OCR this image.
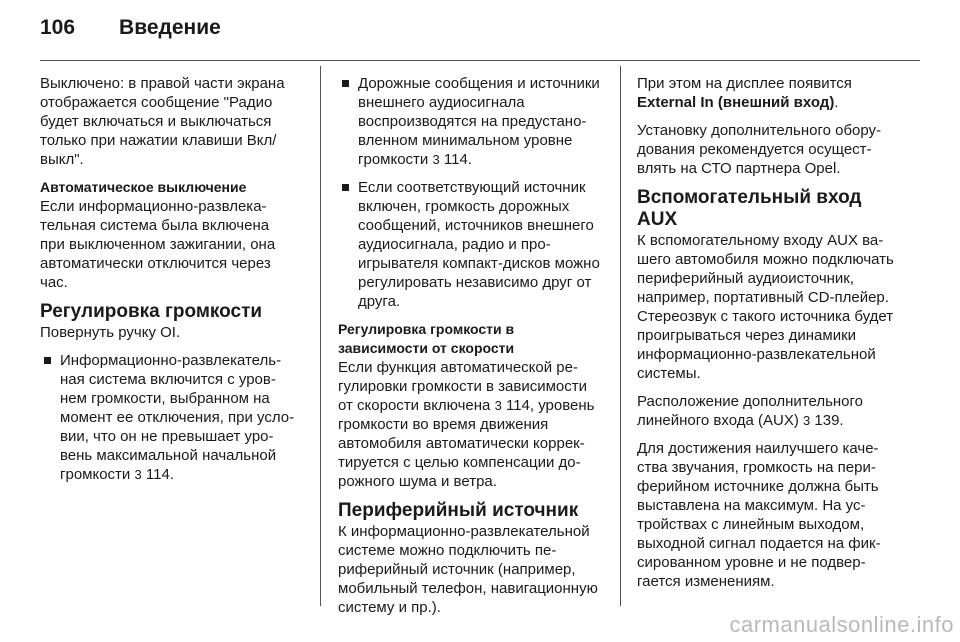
106 Введение

Выключено: в правой части экрана отображается сообщение "Радио будет включаться и выключаться только при нажатии клавиши Вкл/выкл".

Автоматическое выключение

Если информационно-развлекательная система была включена при выключенном зажигании, она автоматически отключится через час.

Регулировка громкости

Повернуть ручку OI.

Информационно-развлекательная система включится с уровнем громкости, выбранном на момент ее отключения, при условии, что он не превышает уровень максимальной начальной громкости 3 114.
Дорожные сообщения и источники внешнего аудиосигнала воспроизводятся на предустановленном минимальном уровне громкости 3 114.
Если соответствующий источник включен, громкость дорожных сообщений, источников внешнего аудиосигнала, радио и проигрывателя компакт-дисков можно регулировать независимо друг от друга.
Регулировка громкости в зависимости от скорости

Если функция автоматической регулировки громкости в зависимости от скорости включена 3 114, уровень громкости во время движения автомобиля автоматически корректируется с целью компенсации дорожного шума и ветра.

Периферийный источник

К информационно-развлекательной системе можно подключить периферийный источник (например, мобильный телефон, навигационную систему и пр.).

При этом на дисплее появится External In (внешний вход).

Установку дополнительного оборудования рекомендуется осуществлять на СТО партнера Opel.

Вспомогательный вход AUX

К вспомогательному входу AUX вашего автомобиля можно подключать периферийный аудиоисточник, например, портативный CD-плейер. Стереозвук с такого источника будет проигрываться через динамики информационно-развлекательной системы.

Расположение дополнительного линейного входа (AUX) 3 139.

Для достижения наилучшего качества звучания, громкость на периферийном источнике должна быть выставлена на максимум. На устройствах с линейным выходом, выходной сигнал подается на фиксированном уровне и не подвергается изменениям.

carmanualsonline.info
